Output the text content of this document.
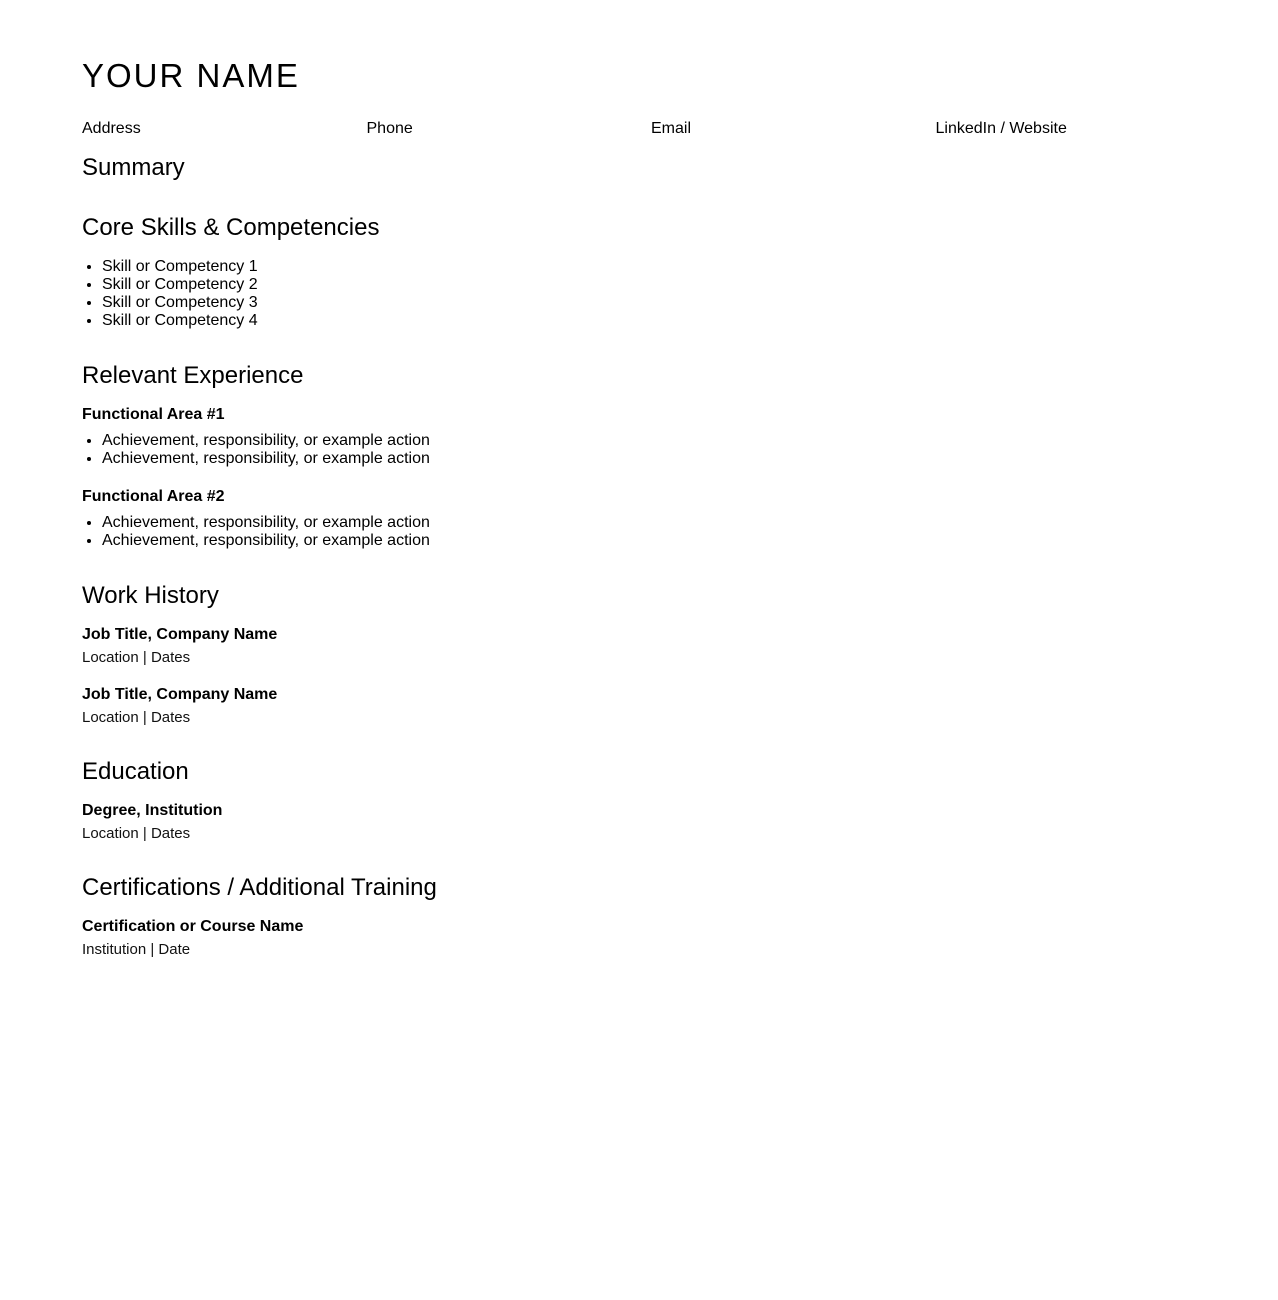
YOUR NAME
Address	Phone	Email	LinkedIn / Website
Summary
Core Skills & Competencies
• Skill or Competency 1
• Skill or Competency 2
• Skill or Competency 3
• Skill or Competency 4
Relevant Experience
Functional Area #1
• Achievement, responsibility, or example action
• Achievement, responsibility, or example action
Functional Area #2
• Achievement, responsibility, or example action
• Achievement, responsibility, or example action
Work History
Job Title, Company Name
Location | Dates
Job Title, Company Name
Location | Dates
Education
Degree, Institution
Location | Dates
Certifications / Additional Training
Certification or Course Name
Institution | Date
